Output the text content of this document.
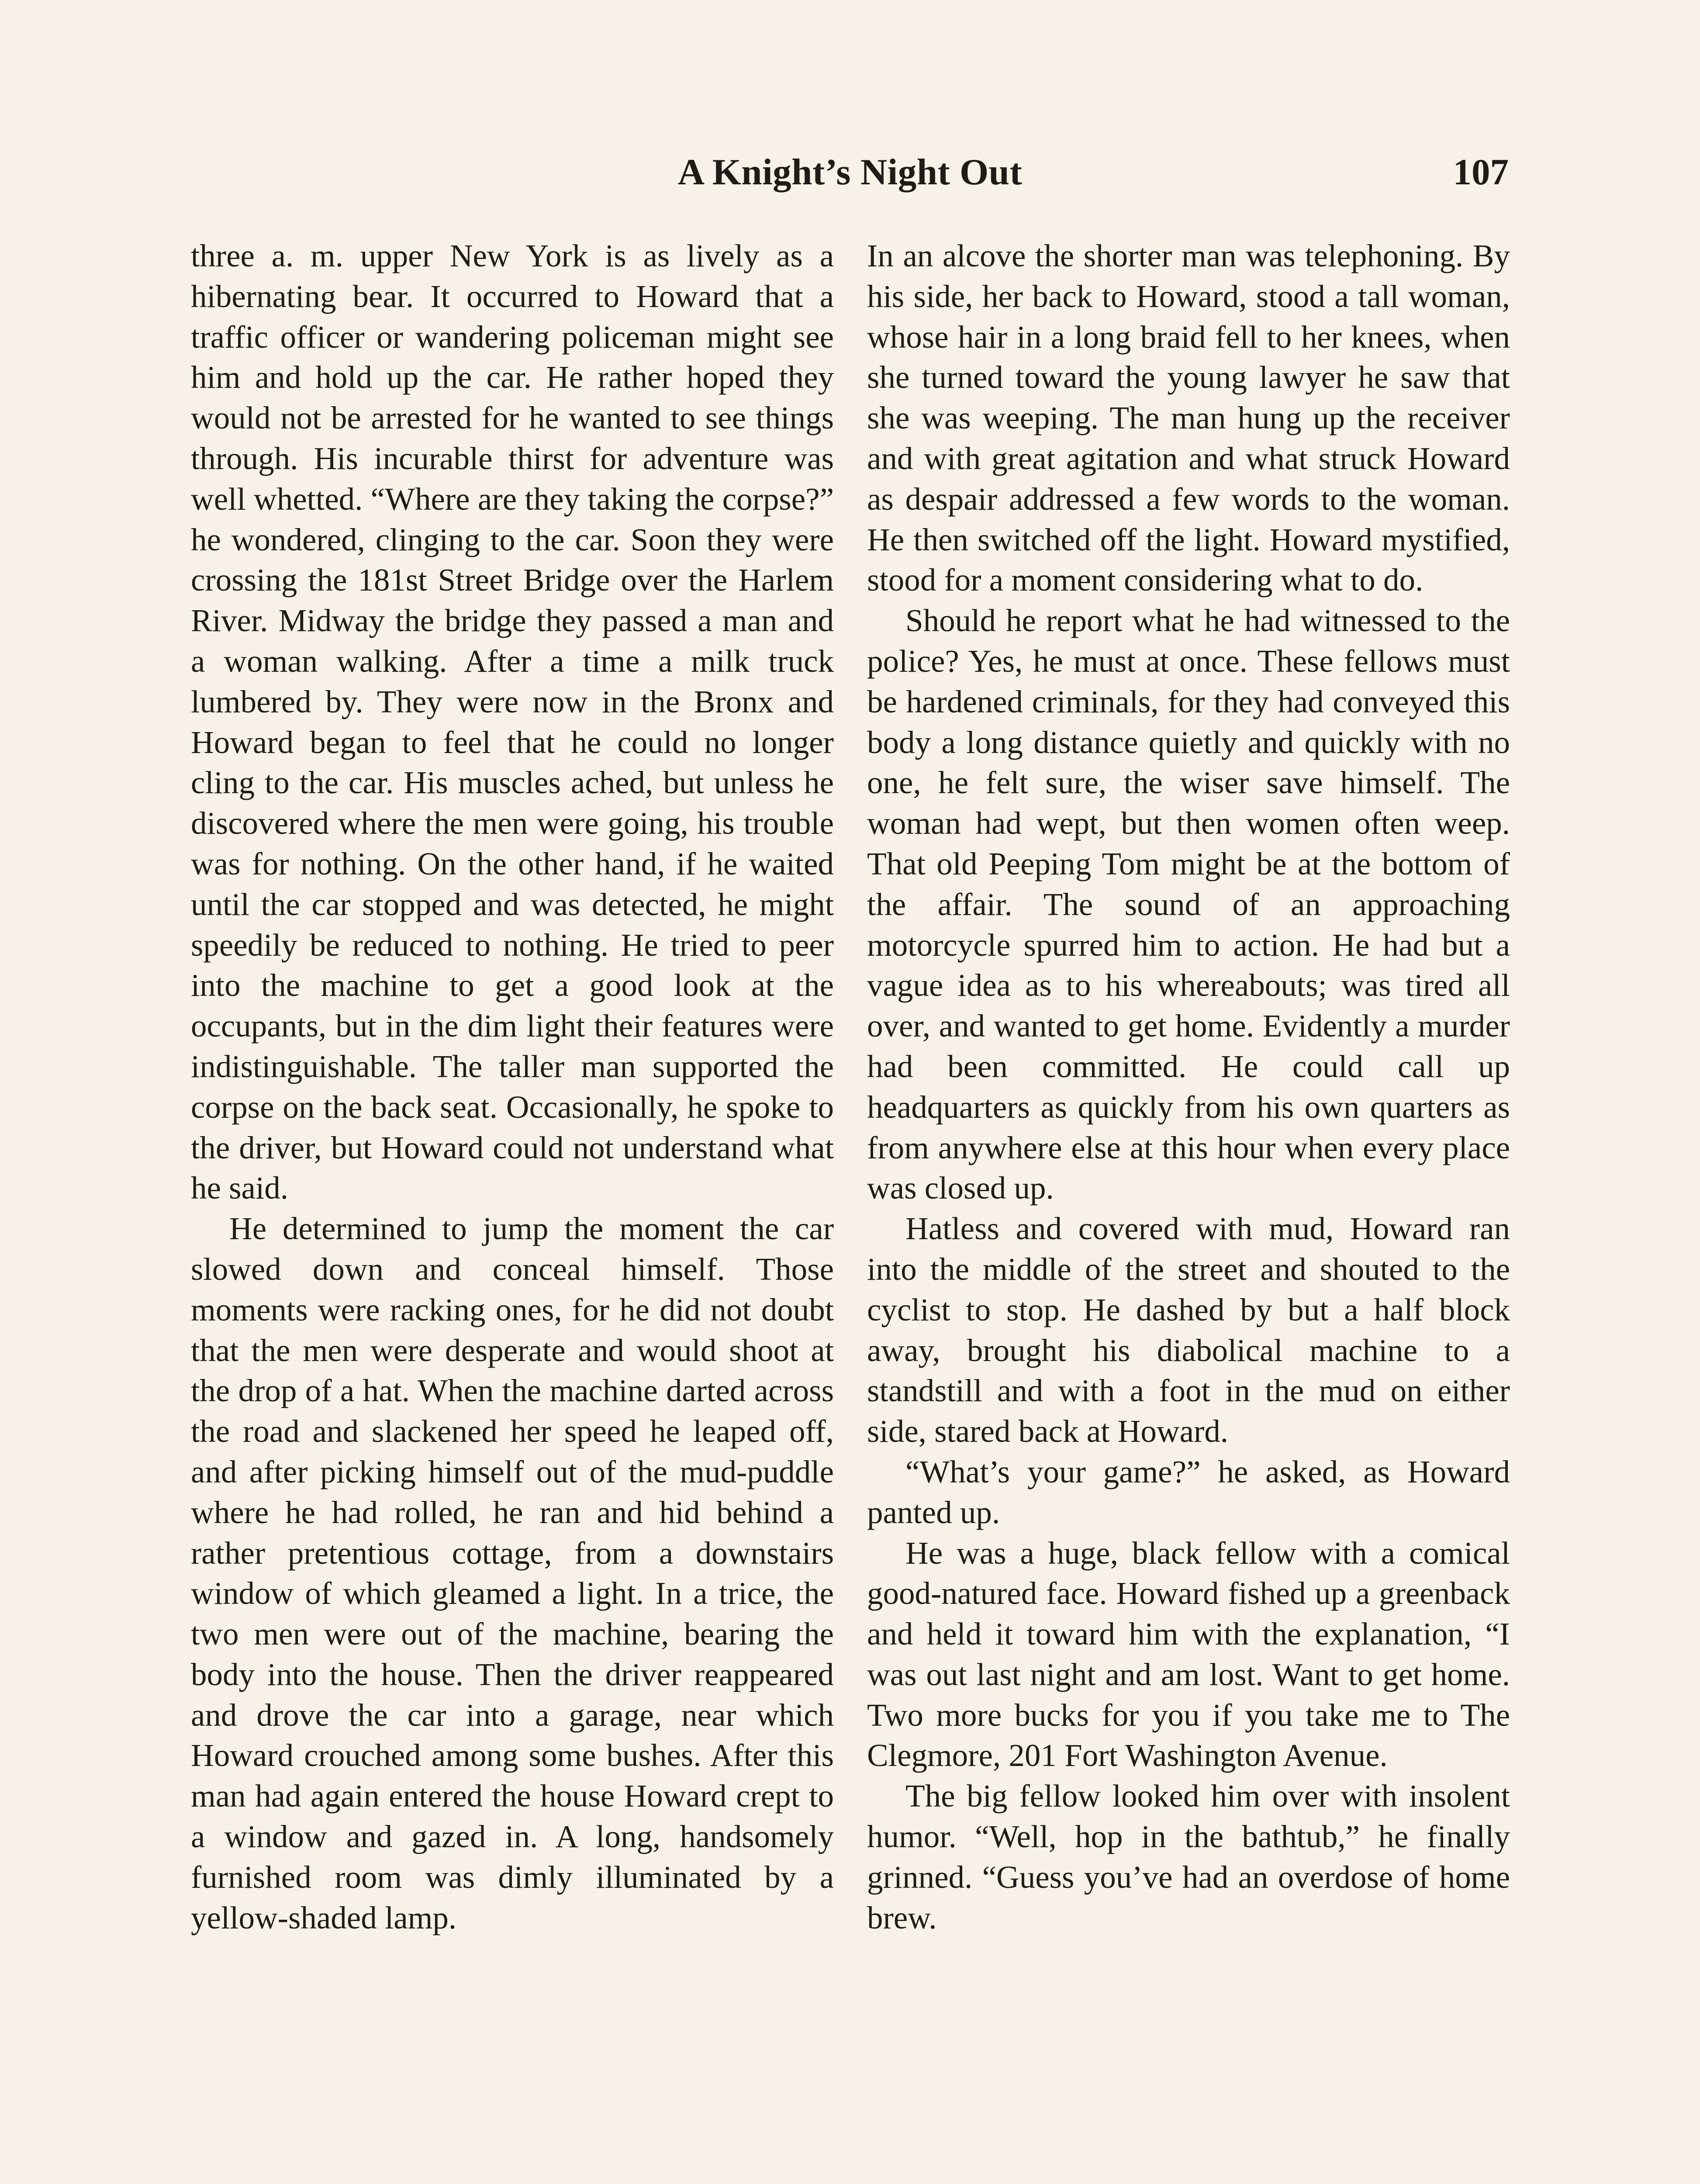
A Knight’s Night Out	107

three a. m. upper New York is as lively as a hibernating bear. It occurred to Howard that a traffic officer or wandering policeman might see him and hold up the car. He rather hoped they would not be arrested for he wanted to see things through. His incurable thirst for adventure was well whetted. “Where are they taking the corpse?” he wondered, clinging to the car. Soon they were crossing the 181st Street Bridge over the Harlem River. Midway the bridge they passed a man and a woman walking. After a time a milk truck lumbered by. They were now in the Bronx and Howard began to feel that he could no longer cling to the car. His muscles ached, but unless he discovered where the men were going, his trouble was for nothing. On the other hand, if he waited until the car stopped and was detected, he might speedily be reduced to nothing. He tried to peer into the machine to get a good look at the occupants, but in the dim light their features were indistinguishable. The taller man supported the corpse on the back seat. Occasionally, he spoke to the driver, but Howard could not understand what he said.

He determined to jump the moment the car slowed down and conceal himself. Those moments were racking ones, for he did not doubt that the men were desperate and would shoot at the drop of a hat. When the machine darted across the road and slackened her speed he leaped off, and after picking himself out of the mud-puddle where he had rolled, he ran and hid behind a rather pretentious cottage, from a downstairs window of which gleamed a light. In a trice, the two men were out of the machine, bearing the body into the house. Then the driver reappeared and drove the car into a garage, near which Howard crouched among some bushes. After this man had again entered the house Howard crept to a window and gazed in. A long, handsomely furnished room was dimly illuminated by a yellow-shaded lamp.

In an alcove the shorter man was telephoning. By his side, her back to Howard, stood a tall woman, whose hair in a long braid fell to her knees, when she turned toward the young lawyer he saw that she was weeping. The man hung up the receiver and with great agitation and what struck Howard as despair addressed a few words to the woman. He then switched off the light. Howard mystified, stood for a moment considering what to do.

Should he report what he had witnessed to the police? Yes, he must at once. These fellows must be hardened criminals, for they had conveyed this body a long distance quietly and quickly with no one, he felt sure, the wiser save himself. The woman had wept, but then women often weep. That old Peeping Tom might be at the bottom of the affair. The sound of an approaching motorcycle spurred him to action. He had but a vague idea as to his whereabouts; was tired all over, and wanted to get home. Evidently a murder had been committed. He could call up headquarters as quickly from his own quarters as from anywhere else at this hour when every place was closed up.

Hatless and covered with mud, Howard ran into the middle of the street and shouted to the cyclist to stop. He dashed by but a half block away, brought his diabolical machine to a standstill and with a foot in the mud on either side, stared back at Howard.

“What’s your game?” he asked, as Howard panted up.

He was a huge, black fellow with a comical good-natured face. Howard fished up a greenback and held it toward him with the explanation, “I was out last night and am lost. Want to get home. Two more bucks for you if you take me to The Clegmore, 201 Fort Washington Avenue.

The big fellow looked him over with insolent humor. “Well, hop in the bathtub,” he finally grinned. “Guess you’ve had an overdose of home brew.
